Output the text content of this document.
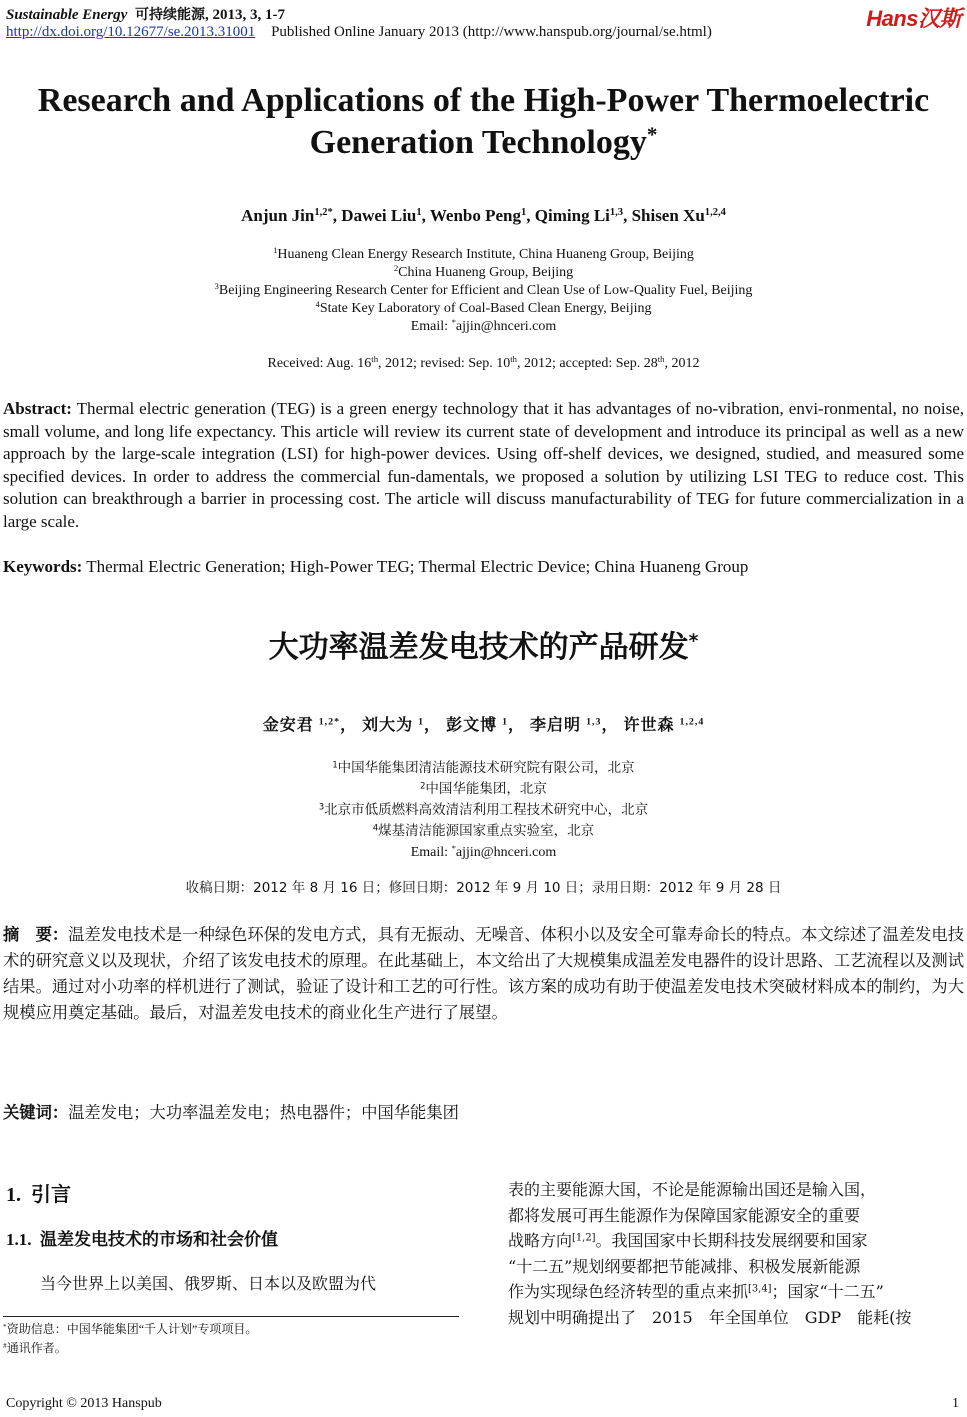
Sustainable Energy 可持续能源, 2013, 3, 1-7
http://dx.doi.org/10.12677/se.2013.31001 Published Online January 2013 (http://www.hanspub.org/journal/se.html)
Hans汉斯
Research and Applications of the High-Power Thermoelectric
Generation Technology*
Anjun Jin$^{1,2*}$, Dawei Liu$^1$, Wenbo Peng$^1$, Qiming Li$^{1,3}$, Shisen Xu$^{1,2,4}$
$^1$Huaneng Clean Energy Research Institute, China Huaneng Group, Beijing
$^2$China Huaneng Group, Beijing
$^3$Beijing Engineering Research Center for Efficient and Clean Use of Low-Quality Fuel, Beijing
$^4$State Key Laboratory of Coal-Based Clean Energy, Beijing
Email: *ajjin@hnceri.com
Received: Aug. 16th, 2012; revised: Sep. 10th, 2012; accepted: Sep. 28th, 2012
Abstract: Thermal electric generation (TEG) is a green energy technology that it has advantages of no-vibration, envi-ronmental, no noise, small volume, and long life expectancy. This article will review its current state of development and introduce its principal as well as a new approach by the large-scale integration (LSI) for high-power devices. Using off-shelf devices, we designed, studied, and measured some specified devices. In order to address the commercial fun-damentals, we proposed a solution by utilizing LSI TEG to reduce cost. This solution can breakthrough a barrier in processing cost. The article will discuss manufacturability of TEG for future commercialization in a large scale.
Keywords: Thermal Electric Generation; High-Power TEG; Thermal Electric Device; China Huaneng Group
大功率温差发电技术的产品研发*
金安君 $^{1,2*}$， 刘大为 $^1$， 彭文博 $^1$， 李启明 $^{1,3}$， 许世森 $^{1,2,4}$
$^1$中国华能集团清洁能源技术研究院有限公司，北京
$^2$中国华能集团，北京
$^3$北京市低质燃料高效清洁利用工程技术研究中心，北京
$^4$煤基清洁能源国家重点实验室，北京
Email: *ajjin@hnceri.com
收稿日期：2012 年 8 月 16 日；修回日期：2012 年 9 月 10 日；录用日期：2012 年 9 月 28 日
摘　要：温差发电技术是一种绿色环保的发电方式，具有无振动、无噪音、体积小以及安全可靠寿命长的特点。本文综述了温差发电技术的研究意义以及现状，介绍了该发电技术的原理。在此基础上，本文给出了大规模集成温差发电器件的设计思路、工艺流程以及测试结果。通过对小功率的样机进行了测试，验证了设计和工艺的可行性。该方案的成功有助于使温差发电技术突破材料成本的制约，为大规模应用奠定基础。最后，对温差发电技术的商业化生产进行了展望。
关键词：温差发电；大功率温差发电；热电器件；中国华能集团
1. 引言
1.1. 温差发电技术的市场和社会价值
当今世界上以美国、俄罗斯、日本以及欧盟为代
表的主要能源大国，不论是能源输出国还是输入国，
都将发展可再生能源作为保障国家能源安全的重要
战略方向[1,2]。我国国家中长期科技发展纲要和国家
“十二五”规划纲要都把节能减排、积极发展新能源
作为实现绿色经济转型的重点来抓[3,4]；国家“十二五”
规划中明确提出了　2015　年全国单位　GDP　能耗(按
*资助信息：中国华能集团“千人计划”专项项目。
#通讯作者。
Copyright © 2013 Hanspub	1
